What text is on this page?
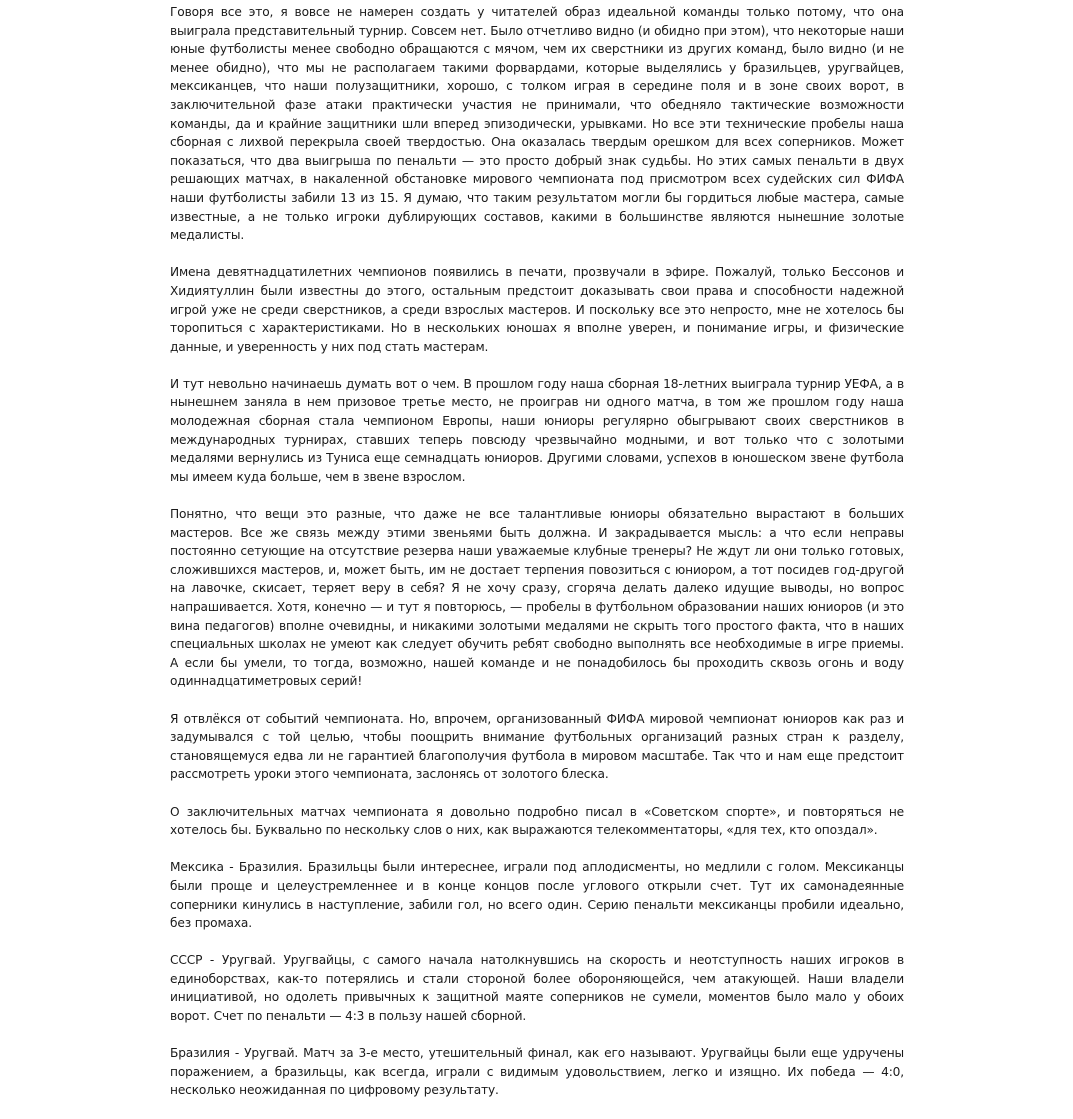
Говоря все это, я вовсе не намерен создать у читателей образ идеальной команды только потому, что она выиграла представительный турнир. Совсем нет. Было отчетливо видно (и обидно при этом), что некоторые наши юные футболисты менее свободно обращаются с мячом, чем их сверстники из других команд, было видно (и не менее обидно), что мы не располагаем такими форвардами, которые выделялись у бразильцев, уругвайцев, мексиканцев, что наши полузащитники, хорошо, с толком играя в середине поля и в зоне своих ворот, в заключительной фазе атаки практически участия не принимали, что обедняло тактические возможности команды, да и крайние защитники шли вперед эпизодически, урывками. Но все эти технические пробелы наша сборная с лихвой перекрыла своей твердостью. Она оказалась твердым орешком для всех соперников. Может показаться, что два выигрыша по пенальти — это просто добрый знак судьбы. Но этих самых пенальти в двух решающих матчах, в накаленной обстановке мирового чемпионата под присмотром всех судейских сил ФИФА наши футболисты забили 13 из 15. Я думаю, что таким результатом могли бы гордиться любые мастера, самые известные, а не только игроки дублирующих составов, какими в большинстве являются нынешние золотые медалисты.

Имена девятнадцатилетних чемпионов появились в печати, прозвучали в эфире. Пожалуй, только Бессонов и Хидиятуллин были известны до этого, остальным предстоит доказывать свои права и способности надежной игрой уже не среди сверстников, а среди взрослых мастеров. И поскольку все это непросто, мне не хотелось бы торопиться с характеристиками. Но в нескольких юношах я вполне уверен, и понимание игры, и физические данные, и уверенность у них под стать мастерам.

И тут невольно начинаешь думать вот о чем. В прошлом году наша сборная 18-летних выиграла турнир УЕФА, а в нынешнем заняла в нем призовое третье место, не проиграв ни одного матча, в том же прошлом году наша молодежная сборная стала чемпионом Европы, наши юниоры регулярно обыгрывают своих сверстников в международных турнирах, ставших теперь повсюду чрезвычайно модными, и вот только что с золотыми медалями вернулись из Туниса еще семнадцать юниоров. Другими словами, успехов в юношеском звене футбола мы имеем куда больше, чем в звене взрослом.

Понятно, что вещи это разные, что даже не все талантливые юниоры обязательно вырастают в больших мастеров. Все же связь между этими звеньями быть должна. И закрадывается мысль: а что если неправы постоянно сетующие на отсутствие резерва наши уважаемые клубные тренеры? Не ждут ли они только готовых, сложившихся мастеров, и, может быть, им не достает терпения повозиться с юниором, а тот посидев год-другой на лавочке, скисает, теряет веру в себя? Я не хочу сразу, сгоряча делать далеко идущие выводы, но вопрос напрашивается. Хотя, конечно — и тут я повторюсь, — пробелы в футбольном образовании наших юниоров (и это вина педагогов) вполне очевидны, и никакими золотыми медалями не скрыть того простого факта, что в наших специальных школах не умеют как следует обучить ребят свободно выполнять все необходимые в игре приемы. А если бы умели, то тогда, возможно, нашей команде и не понадобилось бы проходить сквозь огонь и воду одиннадцатиметровых серий!

Я отвлёкся от событий чемпионата. Но, впрочем, организованный ФИФА мировой чемпионат юниоров как раз и задумывался с той целью, чтобы поощрить внимание футбольных организаций разных стран к разделу, становящемуся едва ли не гарантией благополучия футбола в мировом масштабе. Так что и нам еще предстоит рассмотреть уроки этого чемпионата, заслонясь от золотого блеска.

О заключительных матчах чемпионата я довольно подробно писал в «Советском спорте», и повторяться не хотелось бы. Буквально по нескольку слов о них, как выражаются телекомментаторы, «для тех, кто опоздал».

Мексика - Бразилия. Бразильцы были интереснее, играли под аплодисменты, но медлили с голом. Мексиканцы были проще и целеустремленнее и в конце концов после углового открыли счет. Тут их самонадеянные соперники кинулись в наступление, забили гол, но всего один. Серию пенальти мексиканцы пробили идеально, без промаха.

СССР - Уругвай. Уругвайцы, с самого начала натолкнувшись на скорость и неотступность наших игроков в единоборствах, как-то потерялись и стали стороной более обороняющейся, чем атакующей. Наши владели инициативой, но одолеть привычных к защитной маяте соперников не сумели, моментов было мало у обоих ворот. Счет по пенальти — 4:3 в пользу нашей сборной.

Бразилия - Уругвай. Матч за 3-е место, утешительный финал, как его называют. Уругвайцы были еще удручены поражением, а бразильцы, как всегда, играли с видимым удовольствием, легко и изящно. Их победа — 4:0, несколько неожиданная по цифровому результату.
